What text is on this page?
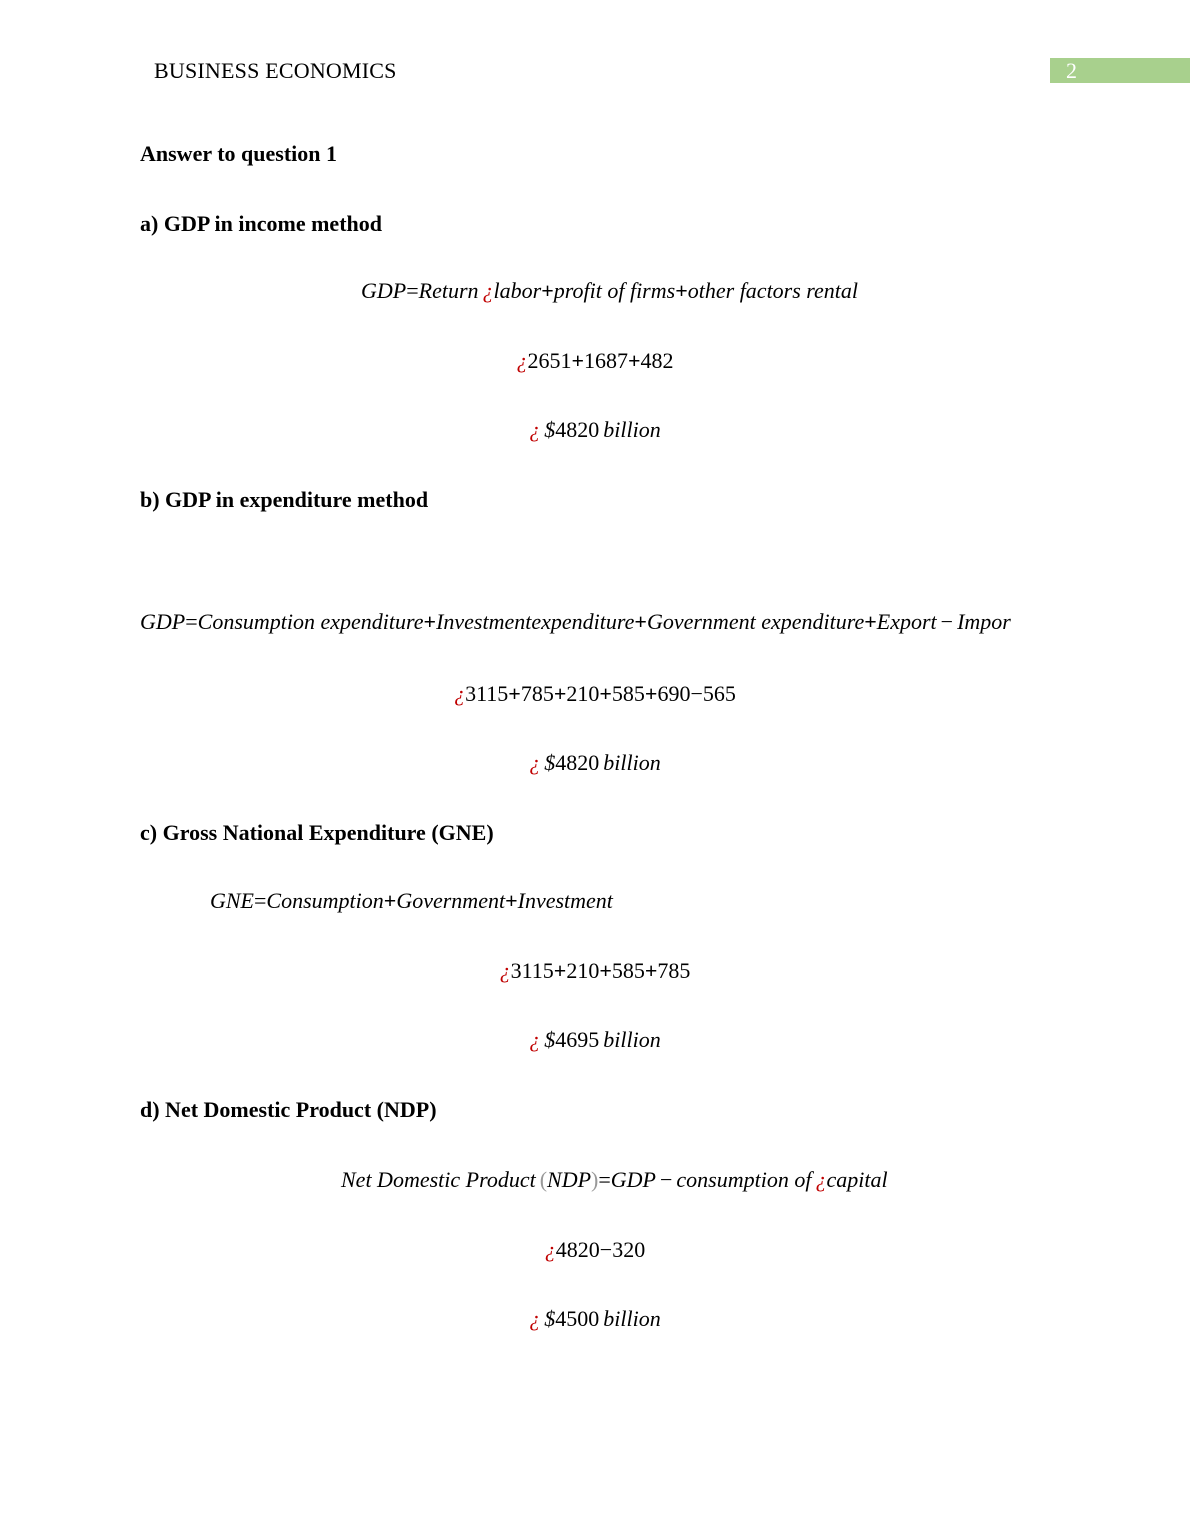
BUSINESS ECONOMICS	2
Answer to question 1
a) GDP in income method
GDP=Return ¿labor+profit of firms+other factors rental
¿2651+1687+482
¿ $4820 billion
b) GDP in expenditure method
GDP=Consumption expenditure+Investmentexpenditure+Government expenditure+Export − Impor
¿3115+785+210+585+690−565
¿ $4820 billion
c) Gross National Expenditure (GNE)
GNE=Consumption+Government+Investment
¿3115+210+585+785
¿ $4695 billion
d) Net Domestic Product (NDP)
Net Domestic Product (NDP)=GDP − consumption of ¿capital
¿4820−320
¿ $4500 billion
